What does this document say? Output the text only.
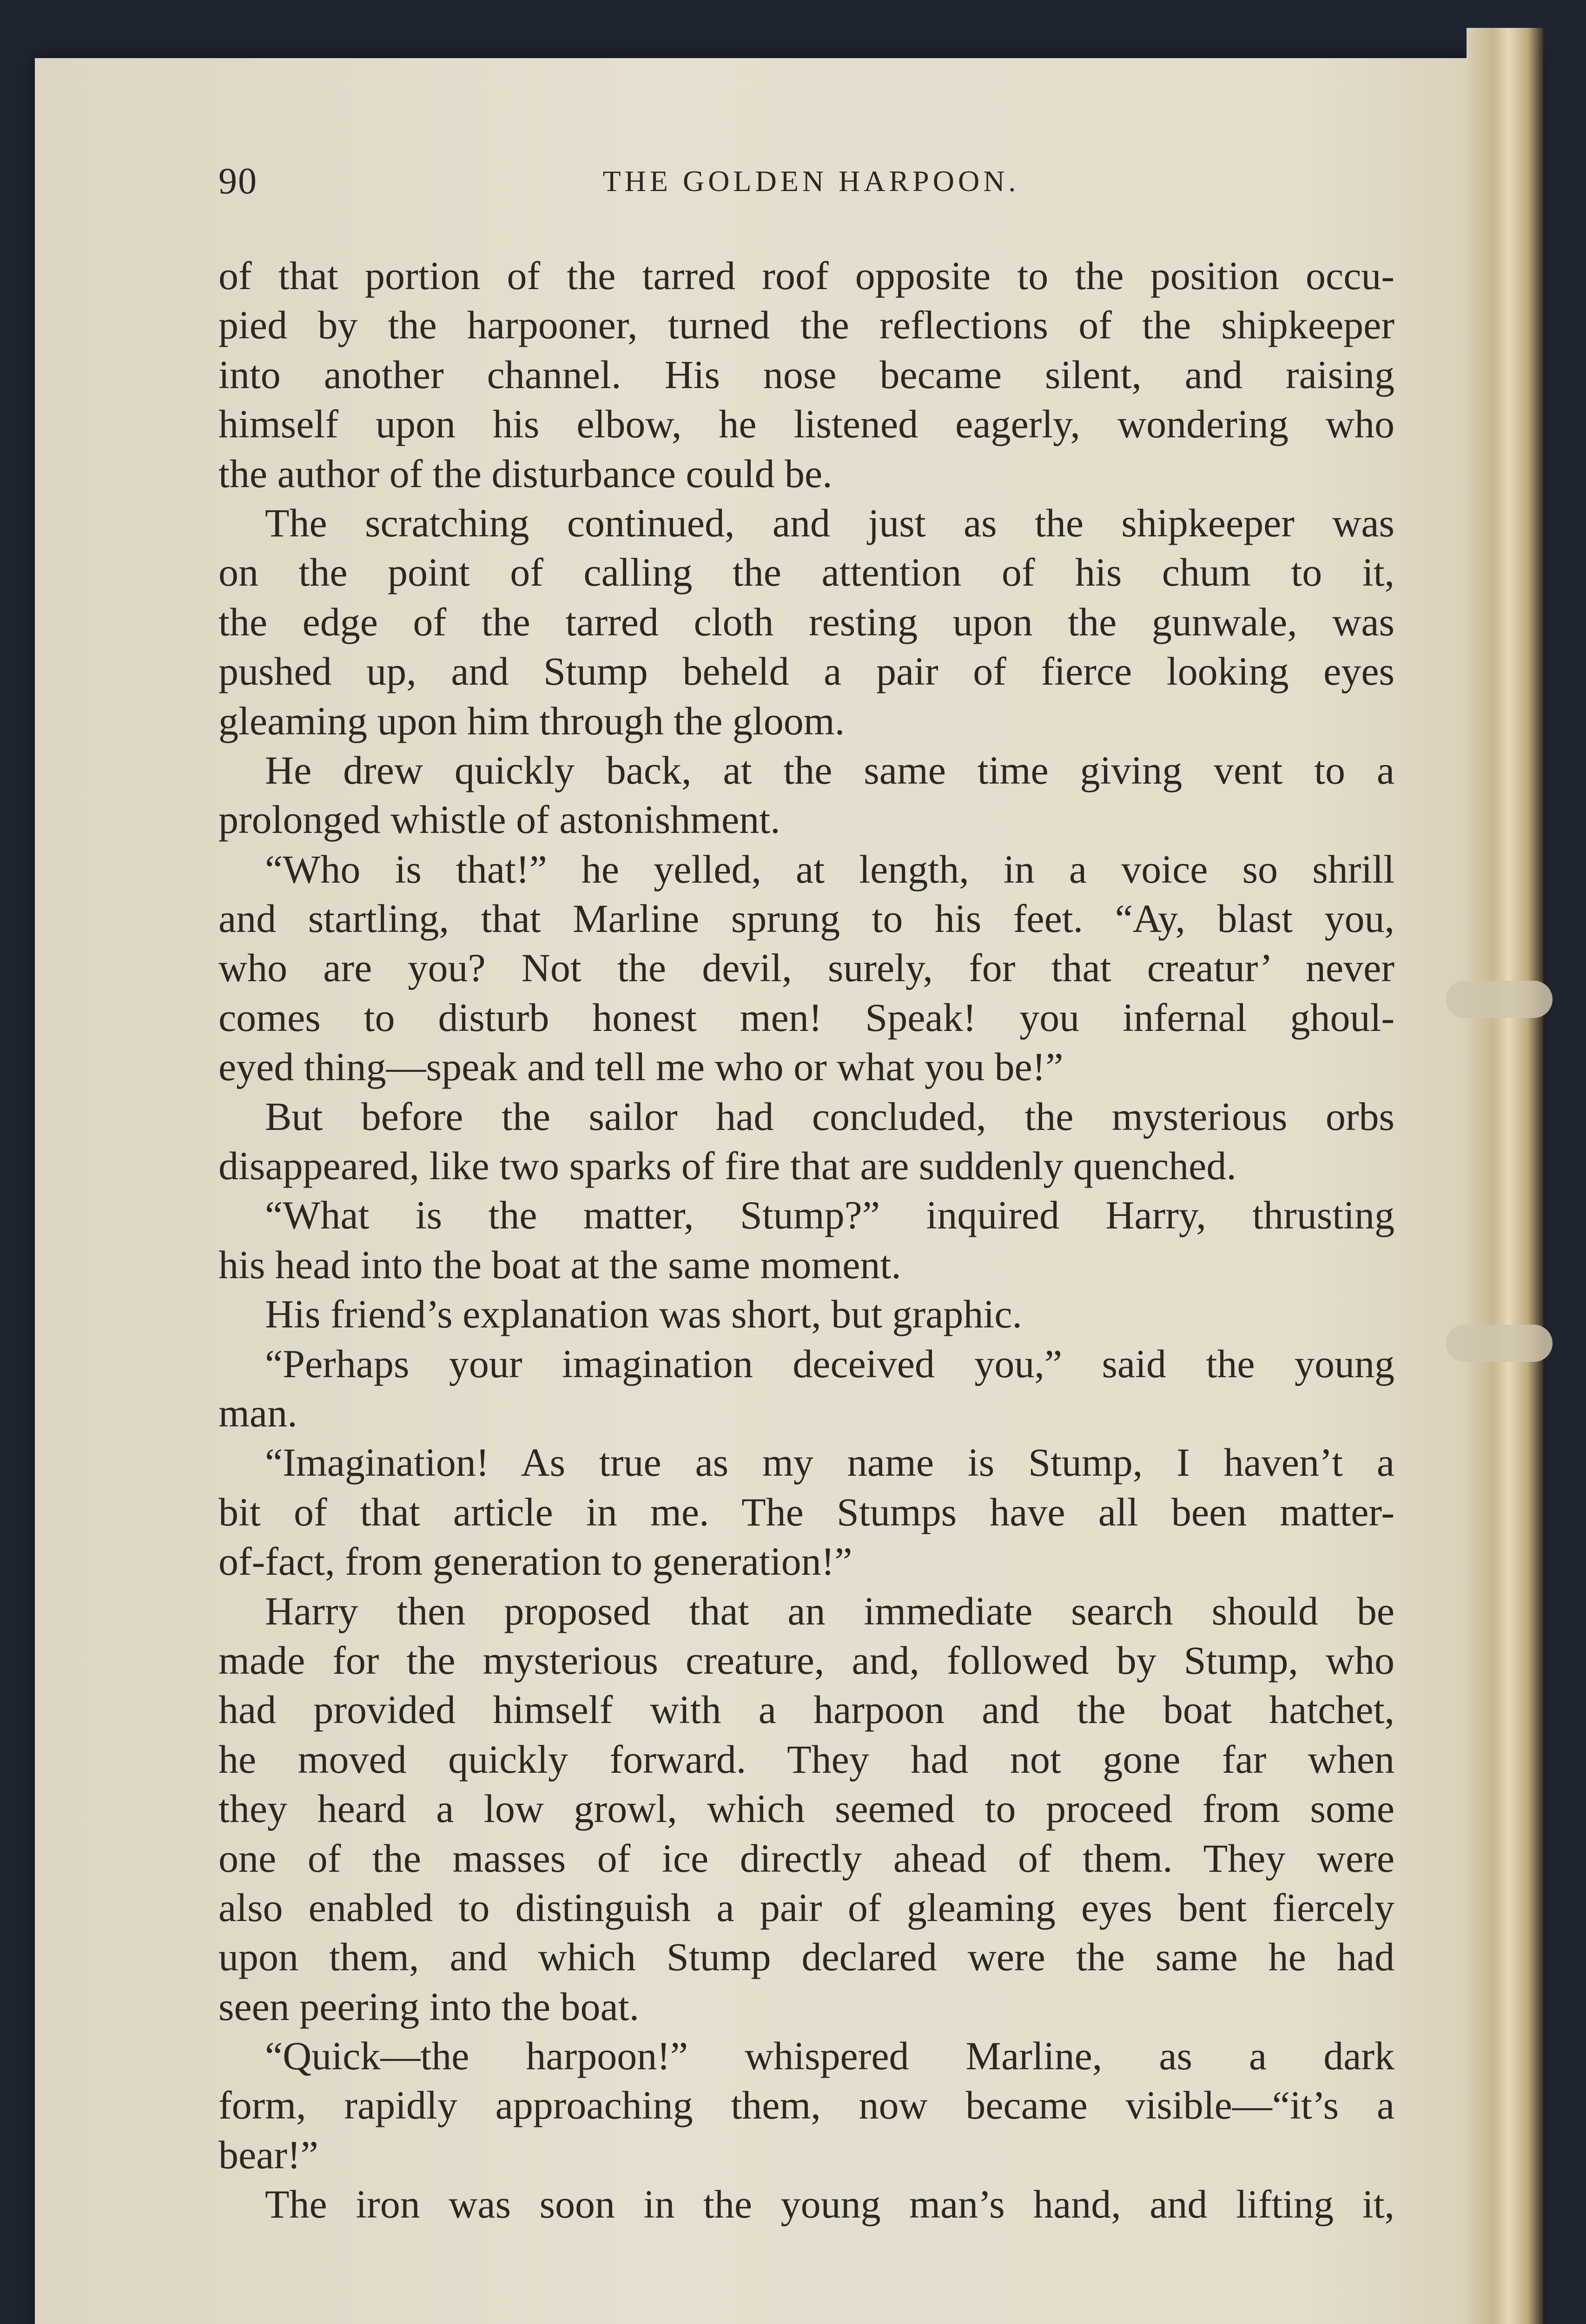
90	THE GOLDEN HARPOON.
of that portion of the tarred roof opposite to the position occu-
pied by the harpooner, turned the reflections of the shipkeeper
into another channel. His nose became silent, and raising
himself upon his elbow, he listened eagerly, wondering who
the author of the disturbance could be.
The scratching continued, and just as the shipkeeper was
on the point of calling the attention of his chum to it,
the edge of the tarred cloth resting upon the gunwale, was
pushed up, and Stump beheld a pair of fierce looking eyes
gleaming upon him through the gloom.
He drew quickly back, at the same time giving vent to a
prolonged whistle of astonishment.
“Who is that!” he yelled, at length, in a voice so shrill
and startling, that Marline sprung to his feet. “Ay, blast you,
who are you? Not the devil, surely, for that creatur’ never
comes to disturb honest men! Speak! you infernal ghoul-
eyed thing—speak and tell me who or what you be!”
But before the sailor had concluded, the mysterious orbs
disappeared, like two sparks of fire that are suddenly quenched.
“What is the matter, Stump?” inquired Harry, thrusting
his head into the boat at the same moment.
His friend’s explanation was short, but graphic.
“Perhaps your imagination deceived you,” said the young
man.
“Imagination! As true as my name is Stump, I haven’t a
bit of that article in me. The Stumps have all been matter-
of-fact, from generation to generation!”
Harry then proposed that an immediate search should be
made for the mysterious creature, and, followed by Stump, who
had provided himself with a harpoon and the boat hatchet,
he moved quickly forward. They had not gone far when
they heard a low growl, which seemed to proceed from some
one of the masses of ice directly ahead of them. They were
also enabled to distinguish a pair of gleaming eyes bent fiercely
upon them, and which Stump declared were the same he had
seen peering into the boat.
“Quick—the harpoon!” whispered Marline, as a dark
form, rapidly approaching them, now became visible—“it’s a
bear!”
The iron was soon in the young man’s hand, and lifting it,
